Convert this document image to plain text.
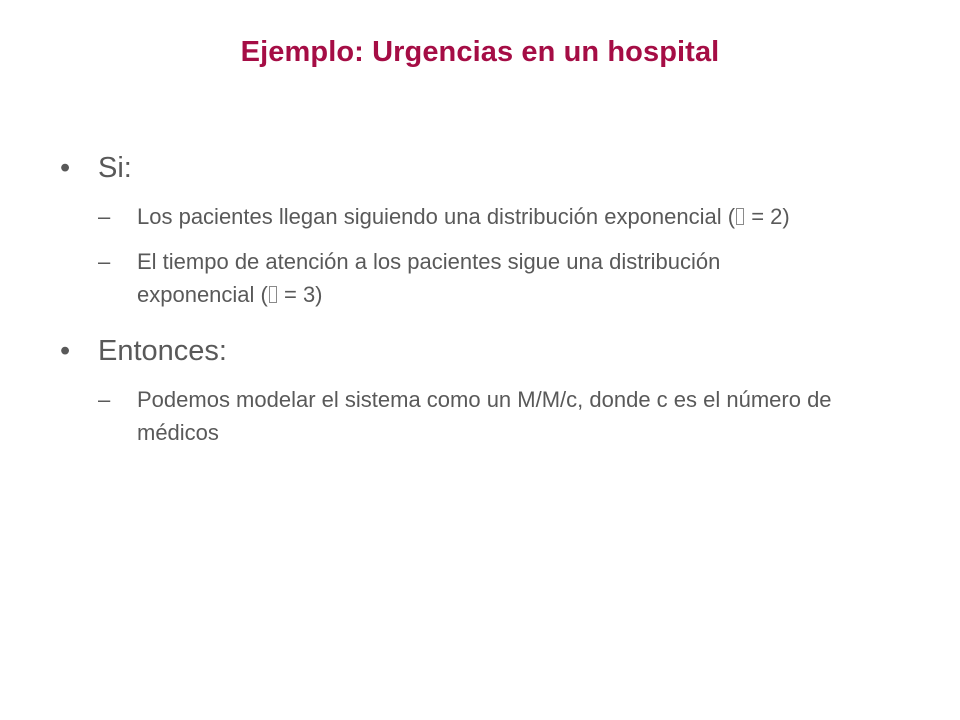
Ejemplo: Urgencias en un hospital
• Si:
–	Los pacientes llegan siguiendo una distribución exponencial ( = 2)
–	El tiempo de atención a los pacientes sigue una distribución exponencial ( = 3)
• Entonces:
–	Podemos modelar el sistema como un M/M/c, donde c es el número de médicos
